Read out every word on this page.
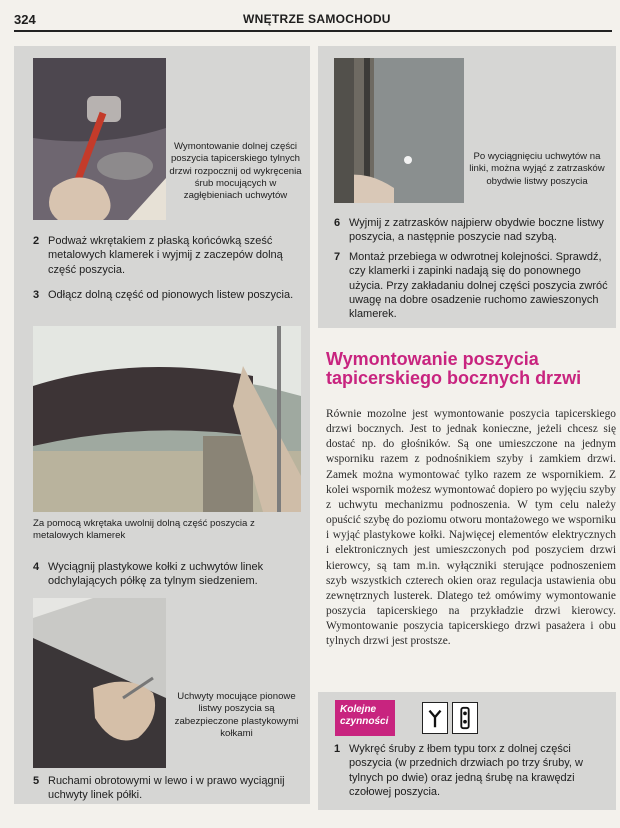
324	WNĘTRZE SAMOCHODU
Wymontowanie dolnej części poszycia tapicerskiego tylnych drzwi rozpocznij od wykręcenia śrub mocujących w zagłębieniach uchwytów
2 Podważ wkrętakiem z płaską końcówką sześć metalowych klamerek i wyjmij z zaczepów dolną część poszycia.
3 Odłącz dolną część od pionowych listew poszycia.
Za pomocą wkrętaka uwolnij dolną część poszycia z metalowych klamerek
4 Wyciągnij plastykowe kołki z uchwytów linek odchylających półkę za tylnym siedzeniem.
Uchwyty mocujące pionowe listwy poszycia są zabezpieczone plastykowymi kołkami
5 Ruchami obrotowymi w lewo i w prawo wyciągnij uchwyty linek półki.
Po wyciągnięciu uchwytów na linki, można wyjąć z zatrzasków obydwie listwy poszycia
6 Wyjmij z zatrzasków najpierw obydwie boczne listwy poszycia, a następnie poszycie nad szybą.
7 Montaż przebiega w odwrotnej kolejności. Sprawdź, czy klamerki i zapinki nadają się do ponownego użycia. Przy zakładaniu dolnej części poszycia zwróć uwagę na dobre osadzenie ruchomo zawieszonych klamerek.
Wymontowanie poszycia tapicerskiego bocznych drzwi
Równie mozolne jest wymontowanie poszycia tapicerskiego drzwi bocznych. Jest to jednak konieczne, jeżeli chcesz się dostać np. do głośników. Są one umieszczone na jednym wsporniku razem z podnośnikiem szyby i zamkiem drzwi. Zamek można wymontować tylko razem ze wspornikiem. Z kolei wspornik możesz wymontować dopiero po wyjęciu szyby z uchwytu mechanizmu podnoszenia. W tym celu należy opuścić szybę do poziomu otworu montażowego we wsporniku i wyjąć plastykowe kołki. Najwięcej elementów elektrycznych i elektronicznych jest umieszczonych pod poszyciem drzwi kierowcy, są tam m.in. wyłączniki sterujące podnoszeniem szyb wszystkich czterech okien oraz regulacja ustawienia obu zewnętrznych lusterek. Dlatego też omówimy wymontowanie poszycia tapicerskiego na przykładzie drzwi kierowcy. Wymontowanie poszycia tapicerskiego drzwi pasażera i obu tylnych drzwi jest prostsze.
Kolejne czynności
1 Wykręć śruby z łbem typu torx z dolnej części poszycia (w przednich drzwiach po trzy śruby, w tylnych po dwie) oraz jedną śrubę na krawędzi czołowej poszycia.
